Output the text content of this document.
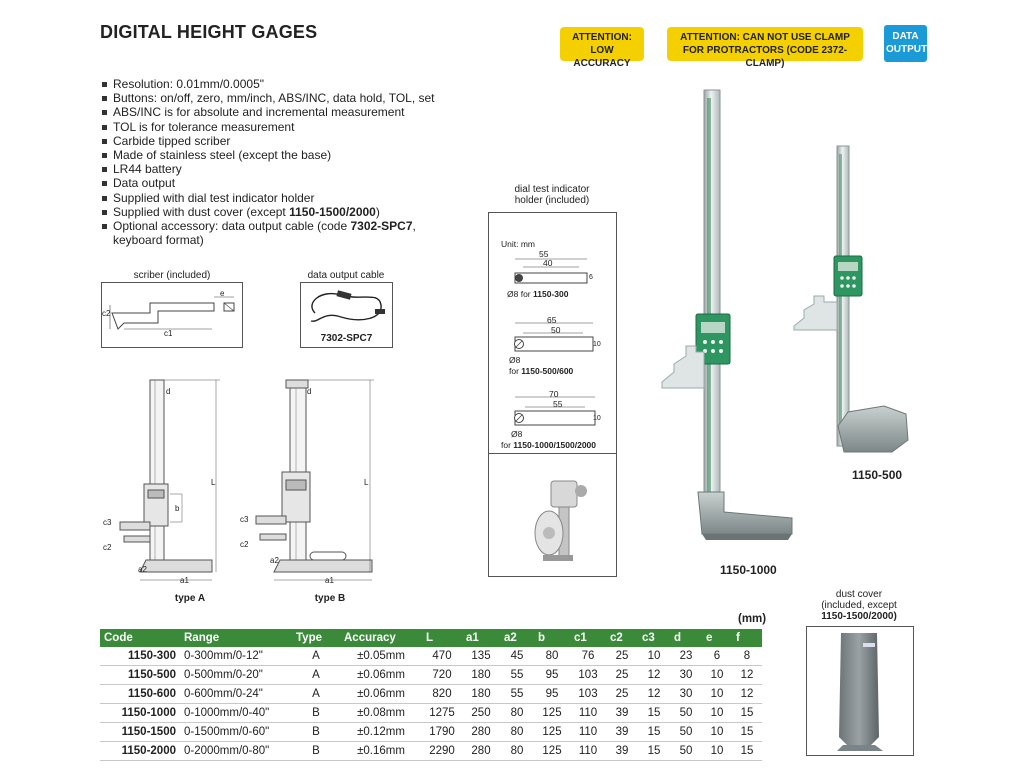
DIGITAL HEIGHT GAGES	ATTENTION:
LOW ACCURACY
ATTENTION: CAN NOT USE CLAMP
FOR PROTRACTORS (CODE 2372-CLAMP)
DATA
OUTPUT
Resolution: 0.01mm/0.0005"
Buttons: on/off, zero, mm/inch, ABS/INC, data hold, TOL, set
ABS/INC is for absolute and incremental measurement
TOL is for tolerance measurement
Carbide tipped scriber
Made of stainless steel (except the base)
LR44 battery
Data output
Supplied with dial test indicator holder
Supplied with dust cover (except 1150-1500/2000)
Optional accessory: data output cable (code 7302-SPC7,
keyboard format)
scriber (included)
c1
c2
e
data output cable
7302-SPC7
d
L
b
c3
c2
a2
a1
type A
d
L
c3
c2
a2
a1
type B
dial test indicator
holder (included)
Unit: mm
55
40
6
Ø8 for 1150-300
65
50
10
Ø8
for 1150-500/600
70
55
10
Ø8
for 1150-1000/1500/2000
1150-1000
1150-500
dust cover
(included, except
1150-1500/2000)
(mm)
Code	Range	Type	Accuracy	L	a1	a2	b	c1	c2	c3	d	e	f
1150-300	0-300mm/0-12"	A	±0.05mm	470	135	45	80	76	25	10	23	6	8
1150-500	0-500mm/0-20"	A	±0.06mm	720	180	55	95	103	25	12	30	10	12
1150-600	0-600mm/0-24"	A	±0.06mm	820	180	55	95	103	25	12	30	10	12
1150-1000	0-1000mm/0-40"	B	±0.08mm	1275	250	80	125	110	39	15	50	10	15
1150-1500	0-1500mm/0-60"	B	±0.12mm	1790	280	80	125	110	39	15	50	10	15
1150-2000	0-2000mm/0-80"	B	±0.16mm	2290	280	80	125	110	39	15	50	10	15
